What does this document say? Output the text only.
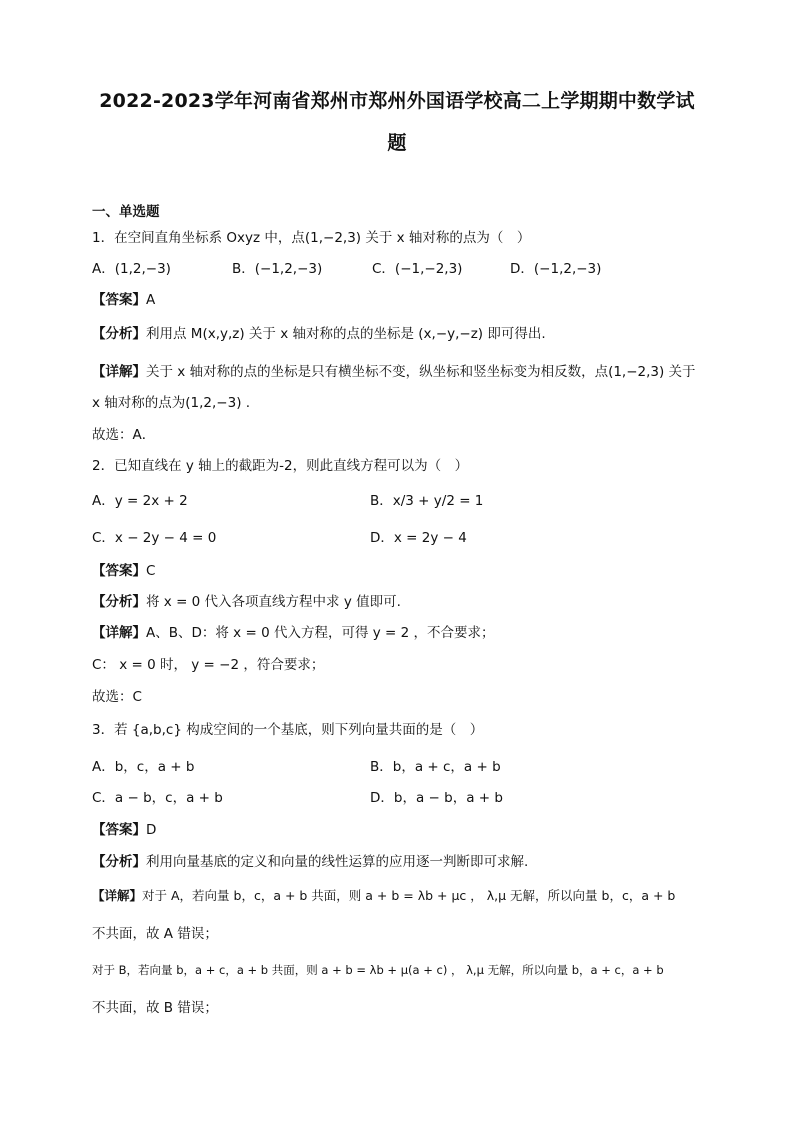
2022-2023学年河南省郑州市郑州外国语学校高二上学期期中数学试
题
一、单选题
1．在空间直角坐标系 Oxyz 中，点(1,−2,3) 关于 x 轴对称的点为（　）
A．(1,2,−3)	B．(−1,2,−3)	C．(−1,−2,3)	D．(−1,2,−3)
【答案】A
【分析】利用点 M(x,y,z) 关于 x 轴对称的点的坐标是 (x,−y,−z) 即可得出.
【详解】关于 x 轴对称的点的坐标是只有横坐标不变，纵坐标和竖坐标变为相反数，点(1,−2,3) 关于
x 轴对称的点为(1,2,−3) .
故选：A．
2．已知直线在 y 轴上的截距为-2，则此直线方程可以为（　）
A．y = 2x + 2	B．x/3 + y/2 = 1
C．x − 2y − 4 = 0	D．x = 2y − 4
【答案】C
【分析】将 x = 0 代入各项直线方程中求 y 值即可.
【详解】A、B、D：将 x = 0 代入方程，可得 y = 2 ，不合要求；
C： x = 0 时， y = −2 ，符合要求；
故选：C
3．若 {a,b,c} 构成空间的一个基底，则下列向量共面的是（　）
A．b，c，a + b	B．b，a + c，a + b
C．a − b，c，a + b	D．b，a − b，a + b
【答案】D
【分析】利用向量基底的定义和向量的线性运算的应用逐一判断即可求解.
【详解】对于 A，若向量 b，c，a + b 共面，则 a + b = λb + μc ， λ,μ 无解，所以向量 b，c，a + b
不共面，故 A 错误；
对于 B，若向量 b，a + c，a + b 共面，则 a + b = λb + μ(a + c) ， λ,μ 无解，所以向量 b，a + c，a + b
不共面，故 B 错误；
